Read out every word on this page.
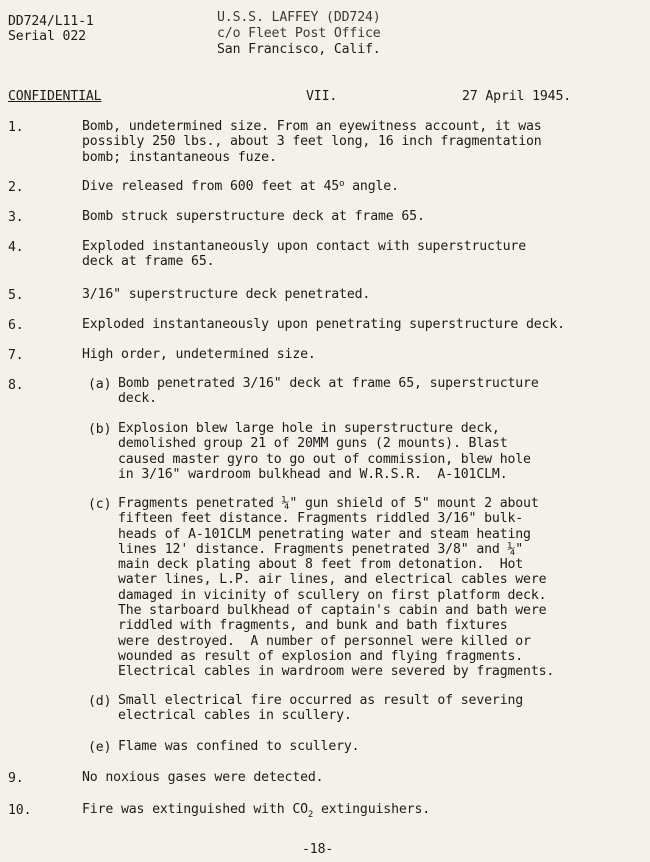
DD724/L11-1
Serial 022
U.S.S. LAFFEY (DD724)
c/o Fleet Post Office
San Francisco, Calif.
CONFIDENTIAL	VII.	27 April 1945.
1.	Bomb, undetermined size. From an eyewitness account, it was
possibly 250 lbs., about 3 feet long, 16 inch fragmentation
bomb; instantaneous fuze.
2.	Dive released from 600 feet at 45$^o$ angle.
3.	Bomb struck superstructure deck at frame 65.
4.	Exploded instantaneously upon contact with superstructure
deck at frame 65.
5.	3/16" superstructure deck penetrated.
6.	Exploded instantaneously upon penetrating superstructure deck.
7.	High order, undetermined size.
8.	(a) Bomb penetrated 3/16" deck at frame 65, superstructure
deck.
(b) Explosion blew large hole in superstructure deck,
demolished group 21 of 20MM guns (2 mounts). Blast
caused master gyro to go out of commission, blew hole
in 3/16" wardroom bulkhead and W.R.S.R.  A-101CLM.
(c) Fragments penetrated ¼" gun shield of 5" mount 2 about
fifteen feet distance. Fragments riddled 3/16" bulk-
heads of A-101CLM penetrating water and steam heating
lines 12' distance. Fragments penetrated 3/8" and ¼"
main deck plating about 8 feet from detonation.  Hot
water lines, L.P. air lines, and electrical cables were
damaged in vicinity of scullery on first platform deck.
The starboard bulkhead of captain's cabin and bath were
riddled with fragments, and bunk and bath fixtures
were destroyed.  A number of personnel were killed or
wounded as result of explosion and flying fragments.
Electrical cables in wardroom were severed by fragments.
(d) Small electrical fire occurred as result of severing
electrical cables in scullery.
(e) Flame was confined to scullery.
9.	No noxious gases were detected.
10.	Fire was extinguished with $CO_2$ extinguishers.
-18-
